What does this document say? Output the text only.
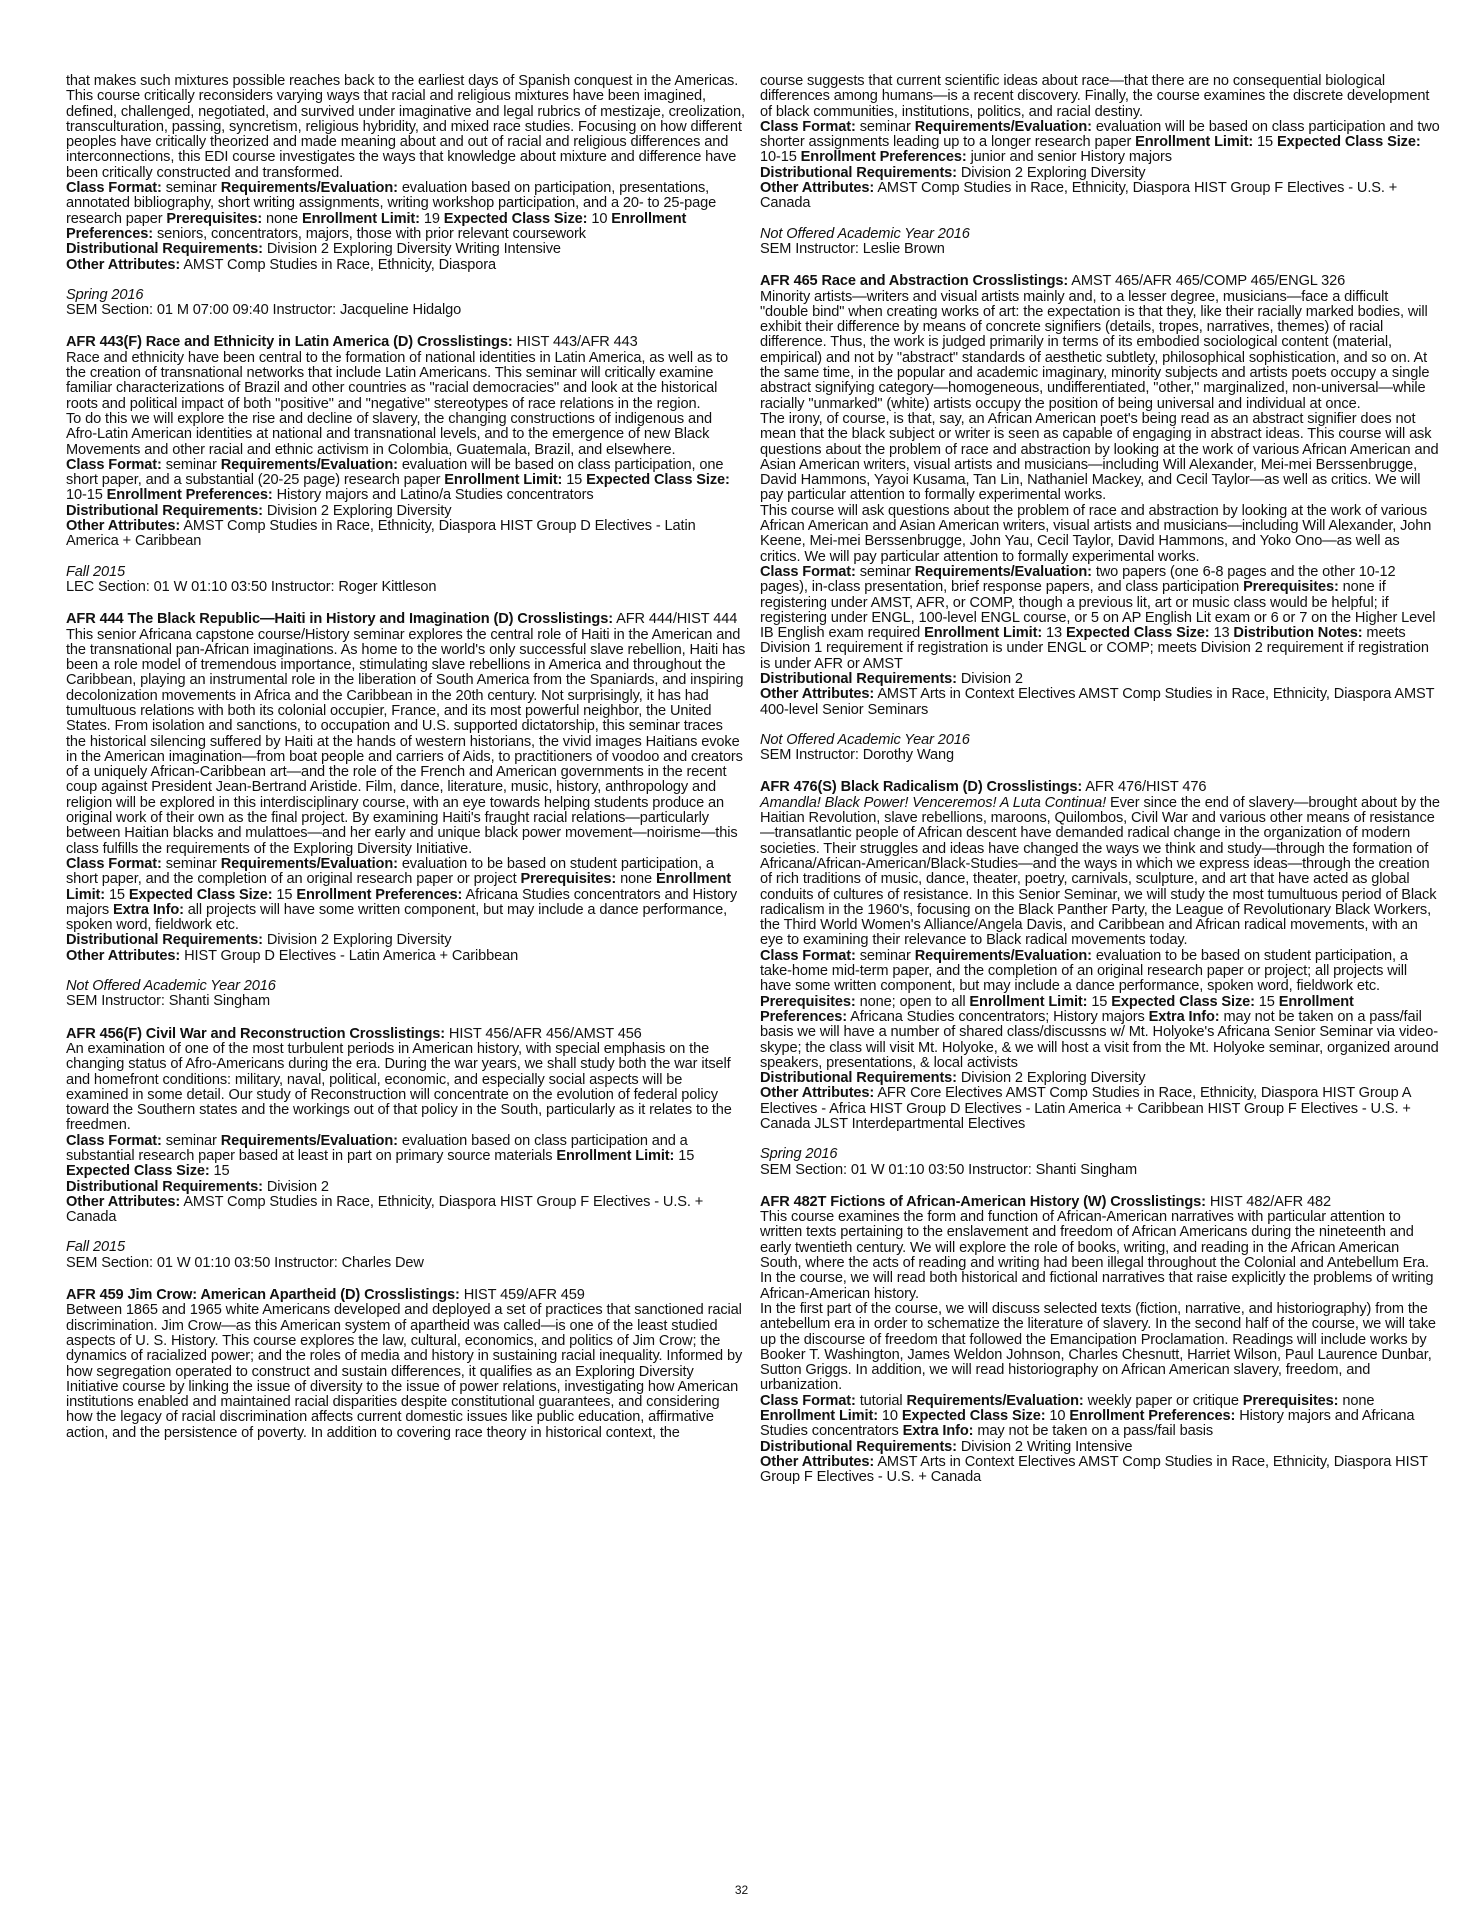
that makes such mixtures possible reaches back to the earliest days of Spanish conquest in the Americas. This course critically reconsiders varying ways that racial and religious mixtures have been imagined, defined, challenged, negotiated, and survived under imaginative and legal rubrics of mestizaje, creolization, transculturation, passing, syncretism, religious hybridity, and mixed race studies. Focusing on how different peoples have critically theorized and made meaning about and out of racial and religious differences and interconnections, this EDI course investigates the ways that knowledge about mixture and difference have been critically constructed and transformed.

Class Format: seminar Requirements/Evaluation: evaluation based on participation, presentations, annotated bibliography, short writing assignments, writing workshop participation, and a 20- to 25-page research paper Prerequisites: none Enrollment Limit: 19 Expected Class Size: 10 Enrollment Preferences: seniors, concentrators, majors, those with prior relevant coursework

Distributional Requirements: Division 2 Exploring Diversity Writing Intensive

Other Attributes: AMST Comp Studies in Race, Ethnicity, Diaspora

Spring 2016

SEM Section: 01 M 07:00 09:40 Instructor: Jacqueline Hidalgo

AFR 443(F) Race and Ethnicity in Latin America (D) Crosslistings: HIST 443/AFR 443

Race and ethnicity have been central to the formation of national identities in Latin America, as well as to the creation of transnational networks that include Latin Americans. This seminar will critically examine familiar characterizations of Brazil and other countries as "racial democracies" and look at the historical roots and political impact of both "positive" and "negative" stereotypes of race relations in the region.

To do this we will explore the rise and decline of slavery, the changing constructions of indigenous and Afro-Latin American identities at national and transnational levels, and to the emergence of new Black Movements and other racial and ethnic activism in Colombia, Guatemala, Brazil, and elsewhere.

Class Format: seminar Requirements/Evaluation: evaluation will be based on class participation, one short paper, and a substantial (20-25 page) research paper Enrollment Limit: 15 Expected Class Size: 10-15 Enrollment Preferences: History majors and Latino/a Studies concentrators

Distributional Requirements: Division 2 Exploring Diversity

Other Attributes: AMST Comp Studies in Race, Ethnicity, Diaspora HIST Group D Electives - Latin America + Caribbean

Fall 2015

LEC Section: 01 W 01:10 03:50 Instructor: Roger Kittleson

AFR 444 The Black Republic—Haiti in History and Imagination (D) Crosslistings: AFR 444/HIST 444

This senior Africana capstone course/History seminar explores the central role of Haiti in the American and the transnational pan-African imaginations. As home to the world's only successful slave rebellion, Haiti has been a role model of tremendous importance, stimulating slave rebellions in America and throughout the Caribbean, playing an instrumental role in the liberation of South America from the Spaniards, and inspiring decolonization movements in Africa and the Caribbean in the 20th century. Not surprisingly, it has had tumultuous relations with both its colonial occupier, France, and its most powerful neighbor, the United States. From isolation and sanctions, to occupation and U.S. supported dictatorship, this seminar traces the historical silencing suffered by Haiti at the hands of western historians, the vivid images Haitians evoke in the American imagination—from boat people and carriers of Aids, to practitioners of voodoo and creators of a uniquely African-Caribbean art—and the role of the French and American governments in the recent coup against President Jean-Bertrand Aristide. Film, dance, literature, music, history, anthropology and religion will be explored in this interdisciplinary course, with an eye towards helping students produce an original work of their own as the final project. By examining Haiti's fraught racial relations—particularly between Haitian blacks and mulattoes—and her early and unique black power movement—noirisme—this class fulfills the requirements of the Exploring Diversity Initiative.

Class Format: seminar Requirements/Evaluation: evaluation to be based on student participation, a short paper, and the completion of an original research paper or project Prerequisites: none Enrollment Limit: 15 Expected Class Size: 15 Enrollment Preferences: Africana Studies concentrators and History majors Extra Info: all projects will have some written component, but may include a dance performance, spoken word, fieldwork etc.

Distributional Requirements: Division 2 Exploring Diversity

Other Attributes: HIST Group D Electives - Latin America + Caribbean

Not Offered Academic Year 2016

SEM Instructor: Shanti Singham

AFR 456(F) Civil War and Reconstruction Crosslistings: HIST 456/AFR 456/AMST 456

An examination of one of the most turbulent periods in American history, with special emphasis on the changing status of Afro-Americans during the era. During the war years, we shall study both the war itself and homefront conditions: military, naval, political, economic, and especially social aspects will be examined in some detail. Our study of Reconstruction will concentrate on the evolution of federal policy toward the Southern states and the workings out of that policy in the South, particularly as it relates to the freedmen.

Class Format: seminar Requirements/Evaluation: evaluation based on class participation and a substantial research paper based at least in part on primary source materials Enrollment Limit: 15 Expected Class Size: 15

Distributional Requirements: Division 2

Other Attributes: AMST Comp Studies in Race, Ethnicity, Diaspora HIST Group F Electives - U.S. + Canada

Fall 2015

SEM Section: 01 W 01:10 03:50 Instructor: Charles Dew

AFR 459 Jim Crow: American Apartheid (D) Crosslistings: HIST 459/AFR 459

Between 1865 and 1965 white Americans developed and deployed a set of practices that sanctioned racial discrimination. Jim Crow—as this American system of apartheid was called—is one of the least studied aspects of U. S. History. This course explores the law, cultural, economics, and politics of Jim Crow; the dynamics of racialized power; and the roles of media and history in sustaining racial inequality. Informed by how segregation operated to construct and sustain differences, it qualifies as an Exploring Diversity Initiative course by linking the issue of diversity to the issue of power relations, investigating how American institutions enabled and maintained racial disparities despite constitutional guarantees, and considering how the legacy of racial discrimination affects current domestic issues like public education, affirmative action, and the persistence of poverty. In addition to covering race theory in historical context, the

course suggests that current scientific ideas about race—that there are no consequential biological differences among humans—is a recent discovery. Finally, the course examines the discrete development of black communities, institutions, politics, and racial destiny.

Class Format: seminar Requirements/Evaluation: evaluation will be based on class participation and two shorter assignments leading up to a longer research paper Enrollment Limit: 15 Expected Class Size: 10-15 Enrollment Preferences: junior and senior History majors

Distributional Requirements: Division 2 Exploring Diversity

Other Attributes: AMST Comp Studies in Race, Ethnicity, Diaspora HIST Group F Electives - U.S. + Canada

Not Offered Academic Year 2016

SEM Instructor: Leslie Brown

AFR 465 Race and Abstraction Crosslistings: AMST 465/AFR 465/COMP 465/ENGL 326

Minority artists—writers and visual artists mainly and, to a lesser degree, musicians—face a difficult "double bind" when creating works of art: the expectation is that they, like their racially marked bodies, will exhibit their difference by means of concrete signifiers (details, tropes, narratives, themes) of racial difference. Thus, the work is judged primarily in terms of its embodied sociological content (material, empirical) and not by "abstract" standards of aesthetic subtlety, philosophical sophistication, and so on. At the same time, in the popular and academic imaginary, minority subjects and artists poets occupy a single abstract signifying category—homogeneous, undifferentiated, "other," marginalized, non-universal—while racially "unmarked" (white) artists occupy the position of being universal and individual at once.

The irony, of course, is that, say, an African American poet's being read as an abstract signifier does not mean that the black subject or writer is seen as capable of engaging in abstract ideas. This course will ask questions about the problem of race and abstraction by looking at the work of various African American and Asian American writers, visual artists and musicians—including Will Alexander, Mei-mei Berssenbrugge, David Hammons, Yayoi Kusama, Tan Lin, Nathaniel Mackey, and Cecil Taylor—as well as critics. We will pay particular attention to formally experimental works.

This course will ask questions about the problem of race and abstraction by looking at the work of various African American and Asian American writers, visual artists and musicians—including Will Alexander, John Keene, Mei-mei Berssenbrugge, John Yau, Cecil Taylor, David Hammons, and Yoko Ono—as well as critics. We will pay particular attention to formally experimental works.

Class Format: seminar Requirements/Evaluation: two papers (one 6-8 pages and the other 10-12 pages), in-class presentation, brief response papers, and class participation Prerequisites: none if registering under AMST, AFR, or COMP, though a previous lit, art or music class would be helpful; if registering under ENGL, 100-level ENGL course, or 5 on AP English Lit exam or 6 or 7 on the Higher Level IB English exam required Enrollment Limit: 13 Expected Class Size: 13 Distribution Notes: meets Division 1 requirement if registration is under ENGL or COMP; meets Division 2 requirement if registration is under AFR or AMST

Distributional Requirements: Division 2

Other Attributes: AMST Arts in Context Electives AMST Comp Studies in Race, Ethnicity, Diaspora AMST 400-level Senior Seminars

Not Offered Academic Year 2016

SEM Instructor: Dorothy Wang

AFR 476(S) Black Radicalism (D) Crosslistings: AFR 476/HIST 476

Amandla! Black Power! Venceremos! A Luta Continua! Ever since the end of slavery—brought about by the Haitian Revolution, slave rebellions, maroons, Quilombos, Civil War and various other means of resistance—transatlantic people of African descent have demanded radical change in the organization of modern societies. Their struggles and ideas have changed the ways we think and study—through the formation of Africana/African-American/Black-Studies—and the ways in which we express ideas—through the creation of rich traditions of music, dance, theater, poetry, carnivals, sculpture, and art that have acted as global conduits of cultures of resistance. In this Senior Seminar, we will study the most tumultuous period of Black radicalism in the 1960's, focusing on the Black Panther Party, the League of Revolutionary Black Workers, the Third World Women's Alliance/Angela Davis, and Caribbean and African radical movements, with an eye to examining their relevance to Black radical movements today.

Class Format: seminar Requirements/Evaluation: evaluation to be based on student participation, a take-home mid-term paper, and the completion of an original research paper or project; all projects will have some written component, but may include a dance performance, spoken word, fieldwork etc. Prerequisites: none; open to all Enrollment Limit: 15 Expected Class Size: 15 Enrollment Preferences: Africana Studies concentrators; History majors Extra Info: may not be taken on a pass/fail basis we will have a number of shared class/discussns w/ Mt. Holyoke's Africana Senior Seminar via video-skype; the class will visit Mt. Holyoke, & we will host a visit from the Mt. Holyoke seminar, organized around speakers, presentations, & local activists

Distributional Requirements: Division 2 Exploring Diversity

Other Attributes: AFR Core Electives AMST Comp Studies in Race, Ethnicity, Diaspora HIST Group A Electives - Africa HIST Group D Electives - Latin America + Caribbean HIST Group F Electives - U.S. + Canada JLST Interdepartmental Electives

Spring 2016

SEM Section: 01 W 01:10 03:50 Instructor: Shanti Singham

AFR 482T Fictions of African-American History (W) Crosslistings: HIST 482/AFR 482

This course examines the form and function of African-American narratives with particular attention to written texts pertaining to the enslavement and freedom of African Americans during the nineteenth and early twentieth century. We will explore the role of books, writing, and reading in the African American South, where the acts of reading and writing had been illegal throughout the Colonial and Antebellum Era.

In the course, we will read both historical and fictional narratives that raise explicitly the problems of writing African-American history.

In the first part of the course, we will discuss selected texts (fiction, narrative, and historiography) from the antebellum era in order to schematize the literature of slavery. In the second half of the course, we will take up the discourse of freedom that followed the Emancipation Proclamation. Readings will include works by Booker T. Washington, James Weldon Johnson, Charles Chesnutt, Harriet Wilson, Paul Laurence Dunbar, Sutton Griggs. In addition, we will read historiography on African American slavery, freedom, and urbanization.

Class Format: tutorial Requirements/Evaluation: weekly paper or critique Prerequisites: none Enrollment Limit: 10 Expected Class Size: 10 Enrollment Preferences: History majors and Africana Studies concentrators Extra Info: may not be taken on a pass/fail basis

Distributional Requirements: Division 2 Writing Intensive

Other Attributes: AMST Arts in Context Electives AMST Comp Studies in Race, Ethnicity, Diaspora HIST Group F Electives - U.S. + Canada

32
